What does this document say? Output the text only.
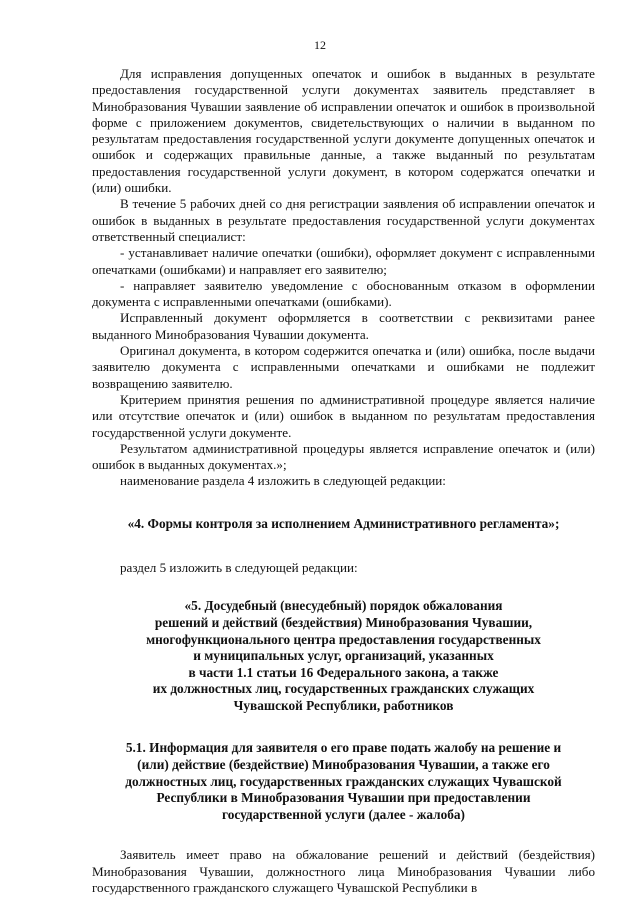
12

Для исправления допущенных опечаток и ошибок в выданных в результате предоставления государственной услуги документах заявитель представляет в Минобразования Чувашии заявление об исправлении опечаток и ошибок в произвольной форме с приложением документов, свидетельствующих о наличии в выданном по результатам предоставления государственной услуги документе допущенных опечаток и ошибок и содержащих правильные данные, а также выданный по результатам предоставления государственной услуги документ, в котором содержатся опечатки и (или) ошибки.

В течение 5 рабочих дней со дня регистрации заявления об исправлении опечаток и ошибок в выданных в результате предоставления государственной услуги документах ответственный специалист:

- устанавливает наличие опечатки (ошибки), оформляет документ с исправленными опечатками (ошибками) и направляет его заявителю;

- направляет заявителю уведомление с обоснованным отказом в оформлении документа с исправленными опечатками (ошибками).

Исправленный документ оформляется в соответствии с реквизитами ранее выданного Минобразования Чувашии документа.

Оригинал документа, в котором содержится опечатка и (или) ошибка, после выдачи заявителю документа с исправленными опечатками и ошибками не подлежит возвращению заявителю.

Критерием принятия решения по административной процедуре является наличие или отсутствие опечаток и (или) ошибок в выданном по результатам предоставления государственной услуги документе.

Результатом административной процедуры является исправление опечаток и (или) ошибок в выданных документах.»;

наименование раздела 4 изложить в следующей редакции:

«4. Формы контроля за исполнением Административного регламента»;

раздел 5 изложить в следующей редакции:

«5. Досудебный (внесудебный) порядок обжалования
решений и действий (бездействия) Минобразования Чувашии,
многофункционального центра предоставления государственных
и муниципальных услуг, организаций, указанных
в части 1.1 статьи 16 Федерального закона, а также
их должностных лиц, государственных гражданских служащих
Чувашской Республики, работников
5.1. Информация для заявителя о его праве подать жалобу на решение и
(или) действие (бездействие) Минобразования Чувашии, а также его
должностных лиц, государственных гражданских служащих Чувашской
Республики в Минобразования Чувашии при предоставлении
государственной услуги (далее - жалоба)

Заявитель имеет право на обжалование решений и действий (бездействия) Минобразования Чувашии, должностного лица Минобразования Чувашии либо государственного гражданского служащего Чувашской Республики в
